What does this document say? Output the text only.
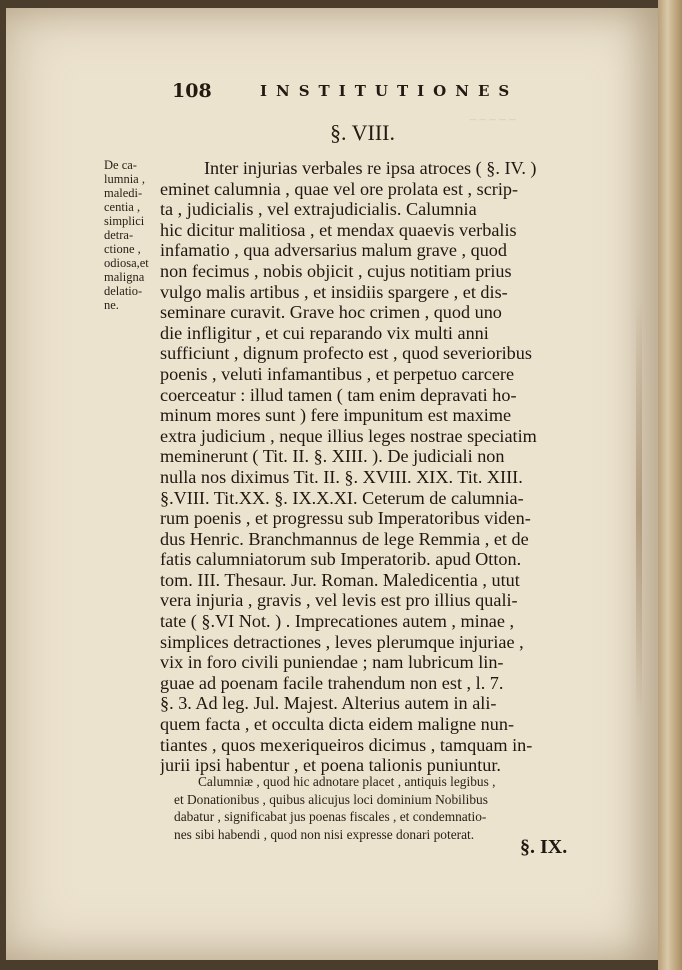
‾ ‾ ‾ ‾ ‾
108	INSTITUTIONES
§. VIII.
De ca-
lumnia ,
maledi-
centia ,
simplici
detra-
ctione ,
odiosa,et
maligna
delatio-
ne.
Inter injurias verbales re ipsa atroces ( §. IV. )
eminet calumnia , quae vel ore prolata est , scrip-
ta , judicialis , vel extrajudicialis. Calumnia
hic dicitur malitiosa , et mendax quaevis verbalis
infamatio , qua adversarius malum grave , quod
non fecimus , nobis objicit , cujus notitiam prius
vulgo malis artibus , et insidiis spargere , et dis-
seminare curavit. Grave hoc crimen , quod uno
die infligitur , et cui reparando vix multi anni
sufficiunt , dignum profecto est , quod severioribus
poenis , veluti infamantibus , et perpetuo carcere
coerceatur : illud tamen ( tam enim depravati ho-
minum mores sunt ) fere impunitum est maxime
extra judicium , neque illius leges nostrae speciatim
meminerunt ( Tit. II. §. XIII. ). De judiciali non
nulla nos diximus Tit. II. §. XVIII. XIX. Tit. XIII.
§.VIII. Tit.XX. §. IX.X.XI. Ceterum de calumnia-
rum poenis , et progressu sub Imperatoribus viden-
dus Henric. Branchmannus de lege Remmia , et de
fatis calumniatorum sub Imperatorib. apud Otton.
tom. III. Thesaur. Jur. Roman. Maledicentia , utut
vera injuria , gravis , vel levis est pro illius quali-
tate ( §.VI Not. ) . Imprecationes autem , minae ,
simplices detractiones , leves plerumque injuriae ,
vix in foro civili puniendae ; nam lubricum lin-
guae ad poenam facile trahendum non est , l. 7.
§. 3. Ad leg. Jul. Majest. Alterius autem in ali-
quem facta , et occulta dicta eidem maligne nun-
tiantes , quos mexeriqueiros dicimus , tamquam in-
jurii ipsi habentur , et poena talionis puniuntur.
Calumniæ , quod hic adnotare placet , antiquis legibus ,
et Donationibus , quibus alicujus loci dominium Nobilibus
dabatur , significabat jus poenas fiscales , et condemnatio-
nes sibi habendi , quod non nisi expresse donari poterat.
§. IX.
